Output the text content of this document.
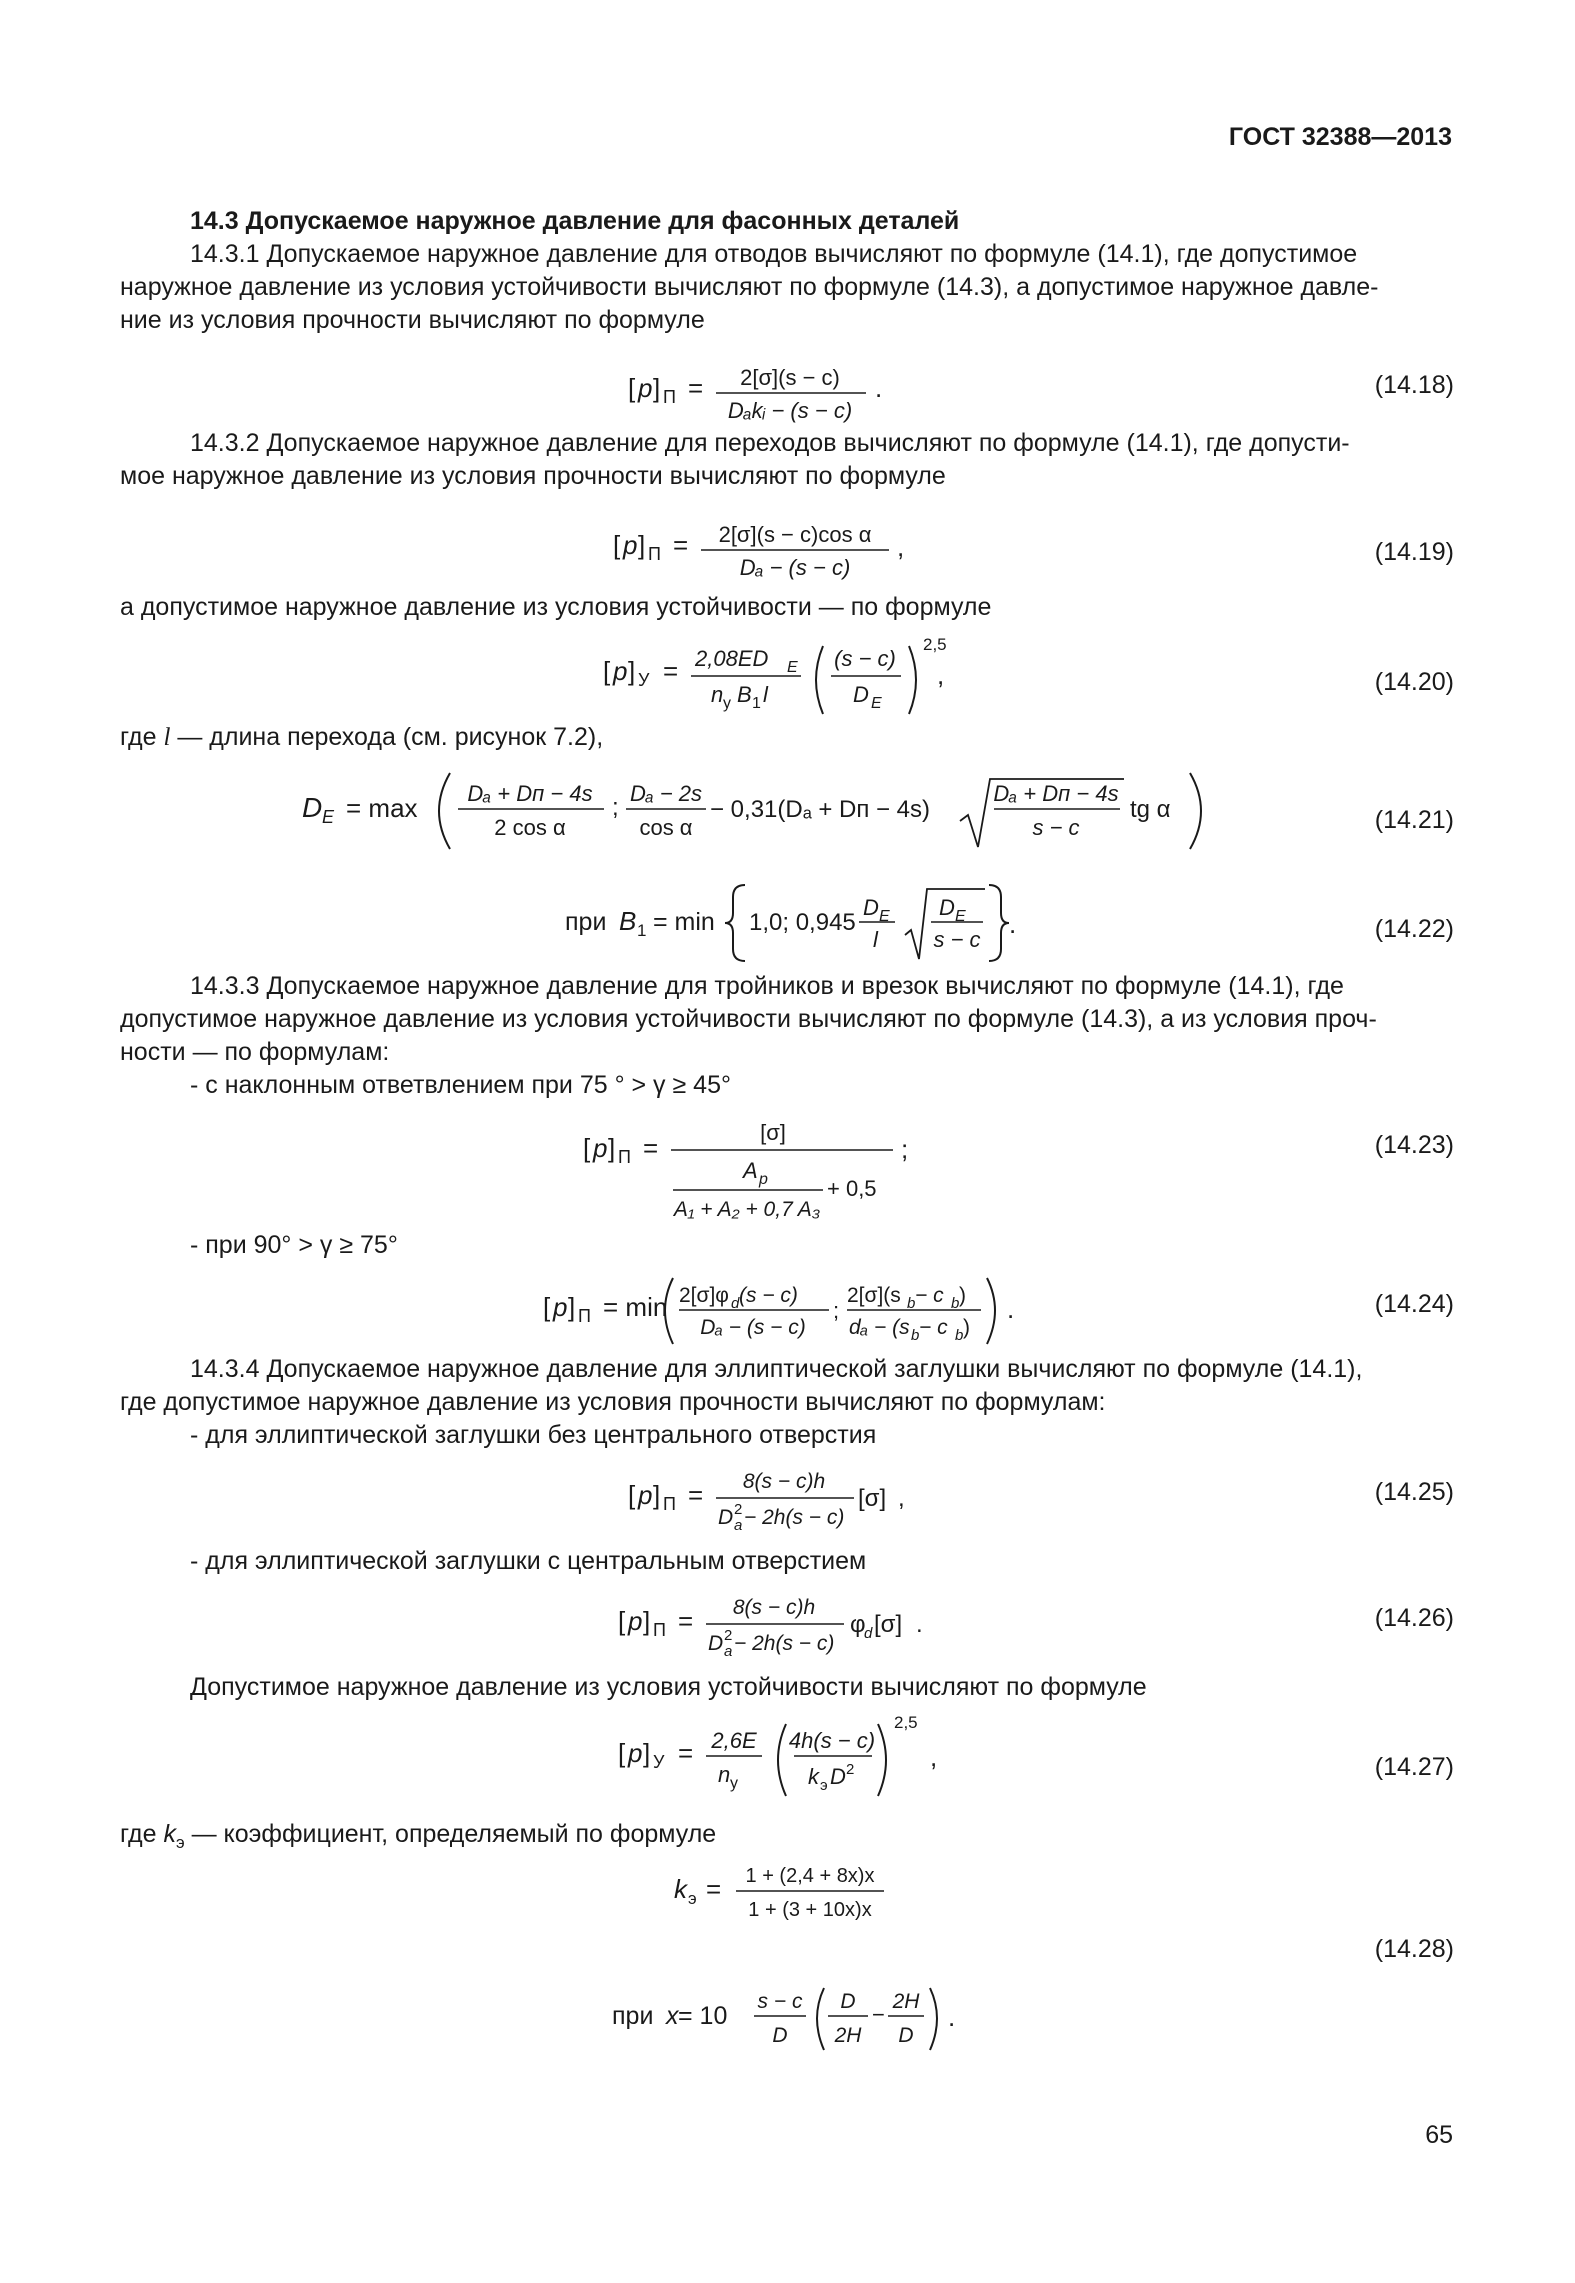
ГОСТ 32388—2013
14.3 Допускаемое наружное давление для фасонных деталей
14.3.1 Допускаемое наружное давление для отводов вычисляют по формуле (14.1), где допустимое
наружное давление из условия устойчивости вычисляют по формуле (14.3), а допустимое наружное давле-
ние из условия прочности вычисляют по формуле
[ p ] П = 2[σ](s − c)
Dₐkᵢ − (s − c)
.	(14.18)
14.3.2 Допускаемое наружное давление для переходов вычисляют по формуле (14.1), где допусти-
мое наружное давление из условия прочности вычисляют по формуле
[ p ] П = 2[σ](s − c)cos α
Dₐ − (s − c)
,	(14.19)
а допустимое наружное давление из условия устойчивости — по формуле
[ p ] У = 2,08ED E
n у B 1 l
(s − c)
D E
2,5
,	(14.20)
где l — длина перехода (см. рисунок 7.2),
D E = max Dₐ + Dп − 4s
2 cos α
;
Dₐ − 2s
cos α
− 0,31(Dₐ + Dп − 4s)
Dₐ + Dп − 4s
s − c
tg α	(14.21)
при B 1 = min 1,0; 0,945
D E
l
D E
s − c
.	(14.22)
14.3.3 Допускаемое наружное давление для тройников и врезок вычисляют по формуле (14.1), где
допустимое наружное давление из условия устойчивости вычисляют по формуле (14.3), а из условия проч-
ности — по формулам:
- с наклонным ответвлением при 75 ° > γ ≥ 45°
[ p ] П =
[σ]
A p
A₁ + A₂ + 0,7 A₃
+ 0,5
;	(14.23)
- при 90° > γ ≥ 75°
[ p ] П = min 2[σ]φ d (s − c)
Dₐ − (s − c)
;
2[σ](s b − c b )
dₐ − (s b − c b )
.	(14.24)
14.3.4 Допускаемое наружное давление для эллиптической заглушки вычисляют по формуле (14.1),
где допустимое наружное давление из условия прочности вычисляют по формулам:
- для эллиптической заглушки без центрального отверстия
[ p ] П = 8(s − c)h
D a
2 − 2h(s − c)
[σ] ,	(14.25)
- для эллиптической заглушки с центральным отверстием
[ p ] П = 8(s − c)h
D a
2 − 2h(s − c)
φ
d [σ] .	(14.26)
Допустимое наружное давление из условия устойчивости вычисляют по формуле
[ p ] У = 2,6E
n у
4h(s − c)
k э D 2
2,5
,	(14.27)
где $k_э$ — коэффициент, определяемый по формуле
k э = 1 + (2,4 + 8x)x
1 + (3 + 10x)x
(14.28)
при x = 10
s − c
D
D
2H
−
2H
D
.
65
